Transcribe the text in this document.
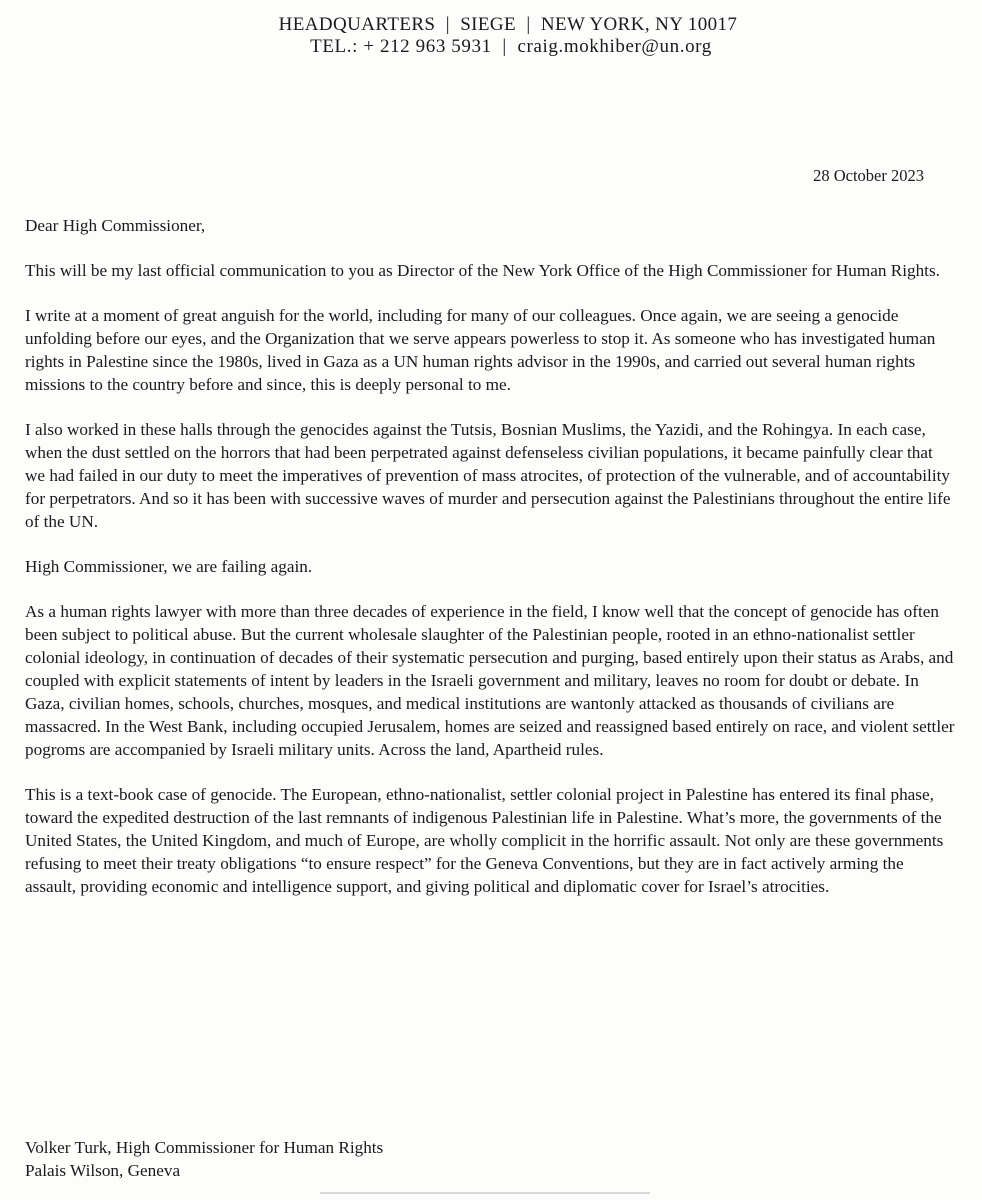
HEADQUARTERS  |  SIEGE  |  NEW YORK, NY 10017
TEL.: + 212 963 5931  |  craig.mokhiber@un.org
28 October 2023

Dear High Commissioner,

This will be my last official communication to you as Director of the New York Office of the High Commissioner for Human Rights.

I write at a moment of great anguish for the world, including for many of our colleagues. Once again, we are seeing a genocide unfolding before our eyes, and the Organization that we serve appears powerless to stop it. As someone who has investigated human rights in Palestine since the 1980s, lived in Gaza as a UN human rights advisor in the 1990s, and carried out several human rights missions to the country before and since, this is deeply personal to me.

I also worked in these halls through the genocides against the Tutsis, Bosnian Muslims, the Yazidi, and the Rohingya. In each case, when the dust settled on the horrors that had been perpetrated against defenseless civilian populations, it became painfully clear that we had failed in our duty to meet the imperatives of prevention of mass atrocites, of protection of the vulnerable, and of accountability for perpetrators. And so it has been with successive waves of murder and persecution against the Palestinians throughout the entire life of the UN.

High Commissioner, we are failing again.

As a human rights lawyer with more than three decades of experience in the field, I know well that the concept of genocide has often been subject to political abuse. But the current wholesale slaughter of the Palestinian people, rooted in an ethno-nationalist settler colonial ideology, in continuation of decades of their systematic persecution and purging, based entirely upon their status as Arabs, and coupled with explicit statements of intent by leaders in the Israeli government and military, leaves no room for doubt or debate. In Gaza, civilian homes, schools, churches, mosques, and medical institutions are wantonly attacked as thousands of civilians are massacred. In the West Bank, including occupied Jerusalem, homes are seized and reassigned based entirely on race, and violent settler pogroms are accompanied by Israeli military units. Across the land, Apartheid rules.

This is a text-book case of genocide. The European, ethno-nationalist, settler colonial project in Palestine has entered its final phase, toward the expedited destruction of the last remnants of indigenous Palestinian life in Palestine. What’s more, the governments of the United States, the United Kingdom, and much of Europe, are wholly complicit in the horrific assault. Not only are these governments refusing to meet their treaty obligations “to ensure respect” for the Geneva Conventions, but they are in fact actively arming the assault, providing economic and intelligence support, and giving political and diplomatic cover for Israel’s atrocities.

Volker Turk, High Commissioner for Human Rights
Palais Wilson, Geneva
